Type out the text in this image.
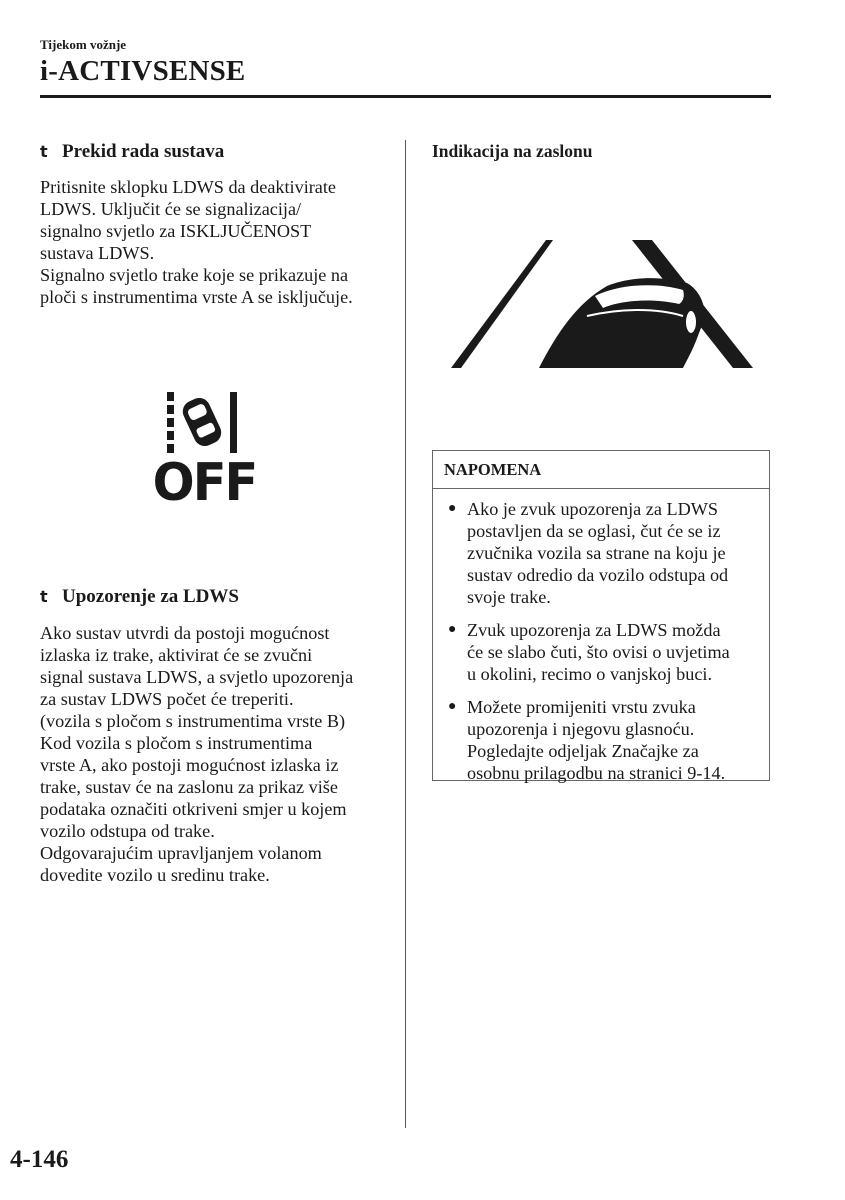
Tijekom vožnje
i-ACTIVSENSE
t Prekid rada sustava
Pritisnite sklopku LDWS da deaktivirate
LDWS. Uključit će se signalizacija/
signalno svjetlo za ISKLJUČENOST
sustava LDWS.
Signalno svjetlo trake koje se prikazuje na
ploči s instrumentima vrste A se isključuje.
OFF
t Upozorenje za LDWS
Ako sustav utvrdi da postoji mogućnost
izlaska iz trake, aktivirat će se zvučni
signal sustava LDWS, a svjetlo upozorenja
za sustav LDWS počet će treperiti.
(vozila s pločom s instrumentima vrste B)
Kod vozila s pločom s instrumentima
vrste A, ako postoji mogućnost izlaska iz
trake, sustav će na zaslonu za prikaz više
podataka označiti otkriveni smjer u kojem
vozilo odstupa od trake.
Odgovarajućim upravljanjem volanom
dovedite vozilo u sredinu trake.
Indikacija na zaslonu
NAPOMENA
● Ako je zvuk upozorenja za LDWS
postavljen da se oglasi, čut će se iz
zvučnika vozila sa strane na koju je
sustav odredio da vozilo odstupa od
svoje trake.
● Zvuk upozorenja za LDWS možda
će se slabo čuti, što ovisi o uvjetima
u okolini, recimo o vanjskoj buci.
● Možete promijeniti vrstu zvuka
upozorenja i njegovu glasnoću.
Pogledajte odjeljak Značajke za
osobnu prilagodbu na stranici 9-14.
4-146
